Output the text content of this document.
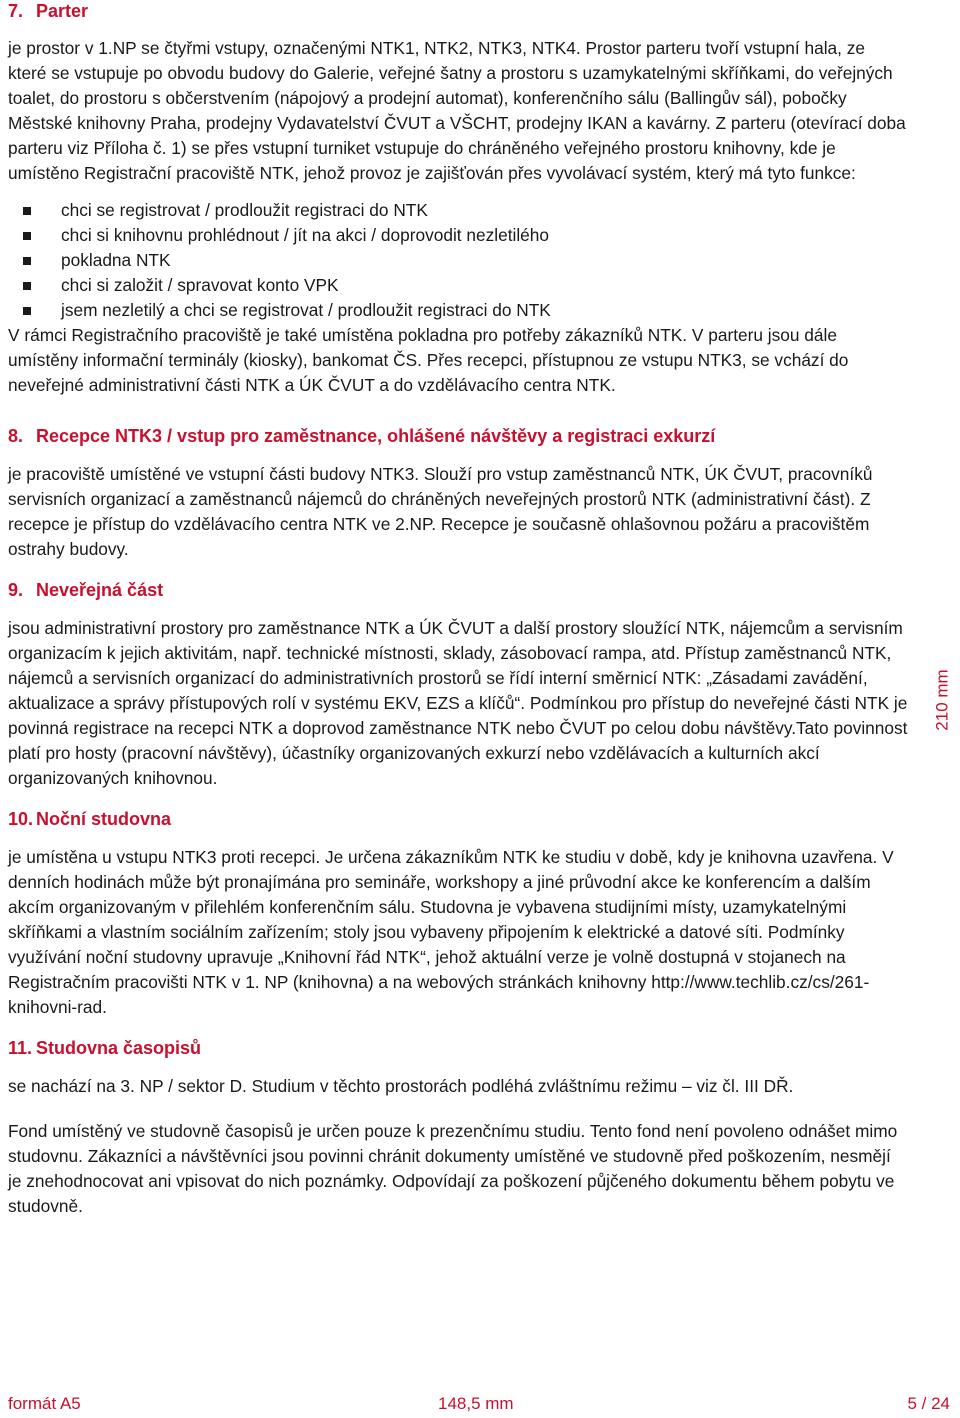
7. Parter

je prostor v 1.NP se čtyřmi vstupy, označenými NTK1, NTK2, NTK3, NTK4. Prostor parteru tvoří vstupní hala, ze které se vstupuje po obvodu budovy do Galerie, veřejné šatny a prostoru s uzamykatelnými skříňkami, do veřejných toalet, do prostoru s občerstvením (nápojový a prodejní automat), konferenčního sálu (Ballingův sál), pobočky Městské knihovny Praha, prodejny Vydavatelství ČVUT a VŠCHT, prodejny IKAN a kavárny. Z parteru (otevírací doba parteru viz Příloha č. 1) se přes vstupní turniket vstupuje do chráněného veřejného prostoru knihovny, kde je umístěno Registrační pracoviště NTK, jehož provoz je zajišťován přes vyvolávací systém, který má tyto funkce:

chci se registrovat / prodloužit registraci do NTK
chci si knihovnu prohlédnout / jít na akci / doprovodit nezletilého
pokladna NTK
chci si založit / spravovat konto VPK
jsem nezletilý a chci se registrovat / prodloužit registraci do NTK

V rámci Registračního pracoviště je také umístěna pokladna pro potřeby zákazníků NTK. V parteru jsou dále umístěny informační terminály (kiosky), bankomat ČS. Přes recepci, přístupnou ze vstupu NTK3, se vchází do neveřejné administrativní části NTK a ÚK ČVUT a do vzdělávacího centra NTK.

8. Recepce NTK3 / vstup pro zaměstnance, ohlášené návštěvy a registraci exkurzí

je pracoviště umístěné ve vstupní části budovy NTK3. Slouží pro vstup zaměstnanců NTK, ÚK ČVUT, pracovníků servisních organizací a zaměstnanců nájemců do chráněných neveřejných prostorů NTK (administrativní část). Z recepce je přístup do vzdělávacího centra NTK ve 2.NP. Recepce je současně ohlašovnou požáru a pracovištěm ostrahy budovy.

9. Neveřejná část

jsou administrativní prostory pro zaměstnance NTK a ÚK ČVUT a další prostory sloužící NTK, nájemcům a servisním organizacím k jejich aktivitám, např. technické místnosti, sklady, zásobovací rampa, atd. Přístup zaměstnanců NTK, nájemců a servisních organizací do administrativních prostorů se řídí interní směrnicí NTK: „Zásadami zavádění, aktualizace a správy přístupových rolí v systému EKV, EZS a klíčů“. Podmínkou pro přístup do neveřejné části NTK je povinná registrace na recepci NTK a doprovod zaměstnance NTK nebo ČVUT po celou dobu návštěvy.Tato povinnost platí pro hosty (pracovní návštěvy), účastníky organizovaných exkurzí nebo vzdělávacích a kulturních akcí organizovaných knihovnou.

10. Noční studovna

je umístěna u vstupu NTK3 proti recepci. Je určena zákazníkům NTK ke studiu v době, kdy je knihovna uzavřena. V denních hodinách může být pronajímána pro semináře, workshopy a jiné průvodní akce ke konferencím a dalším akcím organizovaným v přilehlém konferenčním sálu. Studovna je vybavena studijními místy, uzamykatelnými skříňkami a vlastním sociálním zařízením; stoly jsou vybaveny připojením k elektrické a datové síti. Podmínky využívání noční studovny upravuje „Knihovní řád NTK“, jehož aktuální verze je volně dostupná v stojanech na Registračním pracovišti NTK v 1. NP (knihovna) a na webových stránkách knihovny http://www.techlib.cz/cs/261-knihovni-rad.

11. Studovna časopisů

se nachází na 3. NP / sektor D. Studium v těchto prostorách podléhá zvláštnímu režimu – viz čl. III DŘ.

Fond umístěný ve studovně časopisů je určen pouze k prezenčnímu studiu. Tento fond není povoleno odnášet mimo studovnu. Zákazníci a návštěvníci jsou povinni chránit dokumenty umístěné ve studovně před poškozením, nesmějí je znehodnocovat ani vpisovat do nich poznámky. Odpovídají za poškození půjčeného dokumentu během pobytu ve studovně.

210 mm
formát A5	148,5 mm	5 / 24
